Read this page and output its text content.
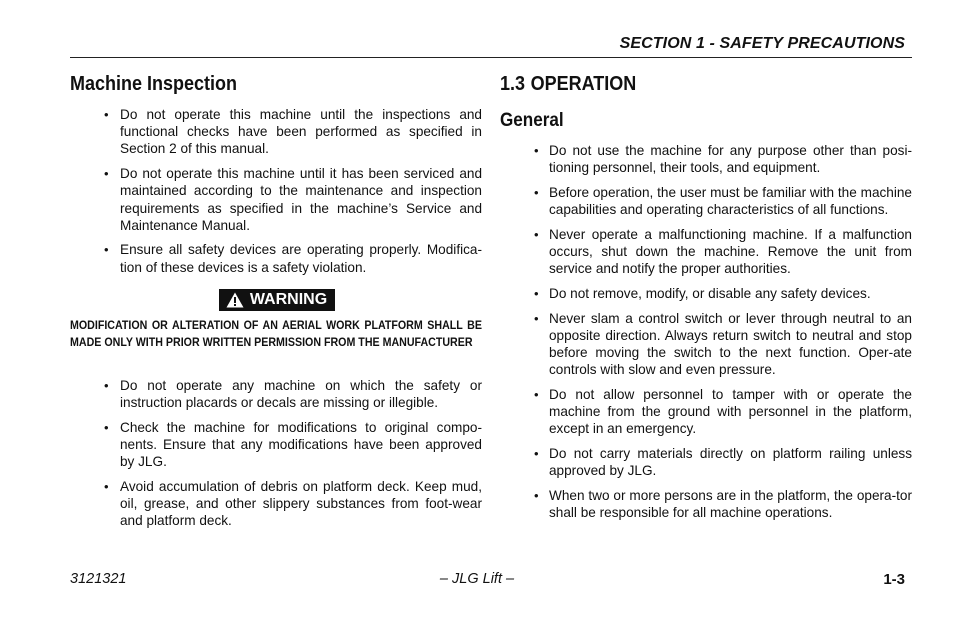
SECTION 1 - SAFETY PRECAUTIONS
Machine Inspection
• Do not operate this machine until the inspections and functional checks have been performed as specified in Section 2 of this manual.
• Do not operate this machine until it has been serviced and maintained according to the maintenance and inspection requirements as specified in the machine’s Service and Maintenance Manual.
• Ensure all safety devices are operating properly. Modifica-tion of these devices is a safety violation.
WARNING
MODIFICATION OR ALTERATION OF AN AERIAL WORK PLATFORM SHALL BE MADE ONLY WITH PRIOR WRITTEN PERMISSION FROM THE MANUFACTURER
• Do not operate any machine on which the safety or instruction placards or decals are missing or illegible.
• Check the machine for modifications to original compo-nents. Ensure that any modifications have been approved by JLG.
• Avoid accumulation of debris on platform deck. Keep mud, oil, grease, and other slippery substances from foot-wear and platform deck.
1.3 OPERATION
General
• Do not use the machine for any purpose other than posi-tioning personnel, their tools, and equipment.
• Before operation, the user must be familiar with the machine capabilities and operating characteristics of all functions.
• Never operate a malfunctioning machine. If a malfunction occurs, shut down the machine. Remove the unit from service and notify the proper authorities.
• Do not remove, modify, or disable any safety devices.
• Never slam a control switch or lever through neutral to an opposite direction. Always return switch to neutral and stop before moving the switch to the next function. Oper-ate controls with slow and even pressure.
• Do not allow personnel to tamper with or operate the machine from the ground with personnel in the platform, except in an emergency.
• Do not carry materials directly on platform railing unless approved by JLG.
• When two or more persons are in the platform, the opera-tor shall be responsible for all machine operations.
3121321	– JLG Lift –	1-3
